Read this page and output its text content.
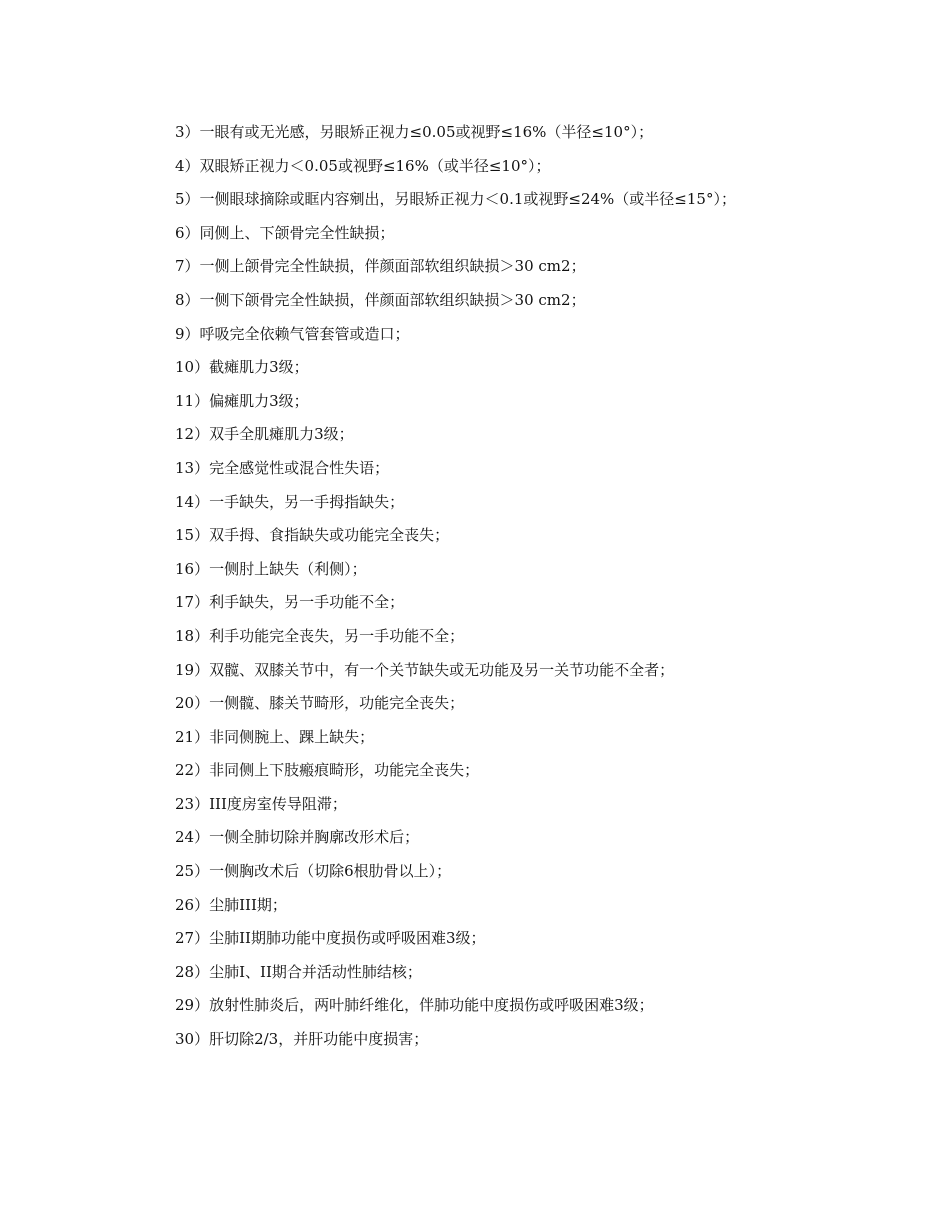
3）一眼有或无光感，另眼矫正视力≤0.05或视野≤16%（半径≤10°）；

4）双眼矫正视力＜0.05或视野≤16%（或半径≤10°）；

5）一侧眼球摘除或眶内容剜出，另眼矫正视力＜0.1或视野≤24%（或半径≤15°）；

6）同侧上、下颌骨完全性缺损；

7）一侧上颌骨完全性缺损，伴颜面部软组织缺损＞30 cm2；

8）一侧下颌骨完全性缺损，伴颜面部软组织缺损＞30 cm2；

9）呼吸完全依赖气管套管或造口；

10）截瘫肌力3级；

11）偏瘫肌力3级；

12）双手全肌瘫肌力3级；

13）完全感觉性或混合性失语；

14）一手缺失，另一手拇指缺失；

15）双手拇、食指缺失或功能完全丧失；

16）一侧肘上缺失（利侧）；

17）利手缺失，另一手功能不全；

18）利手功能完全丧失，另一手功能不全；

19）双髋、双膝关节中，有一个关节缺失或无功能及另一关节功能不全者；

20）一侧髋、膝关节畸形，功能完全丧失；

21）非同侧腕上、踝上缺失；

22）非同侧上下肢瘢痕畸形，功能完全丧失；

23）III度房室传导阻滞；

24）一侧全肺切除并胸廓改形术后；

25）一侧胸改术后（切除6根肋骨以上）；

26）尘肺III期；

27）尘肺II期肺功能中度损伤或呼吸困难3级；

28）尘肺I、II期合并活动性肺结核；

29）放射性肺炎后，两叶肺纤维化，伴肺功能中度损伤或呼吸困难3级；

30）肝切除2/3，并肝功能中度损害；
